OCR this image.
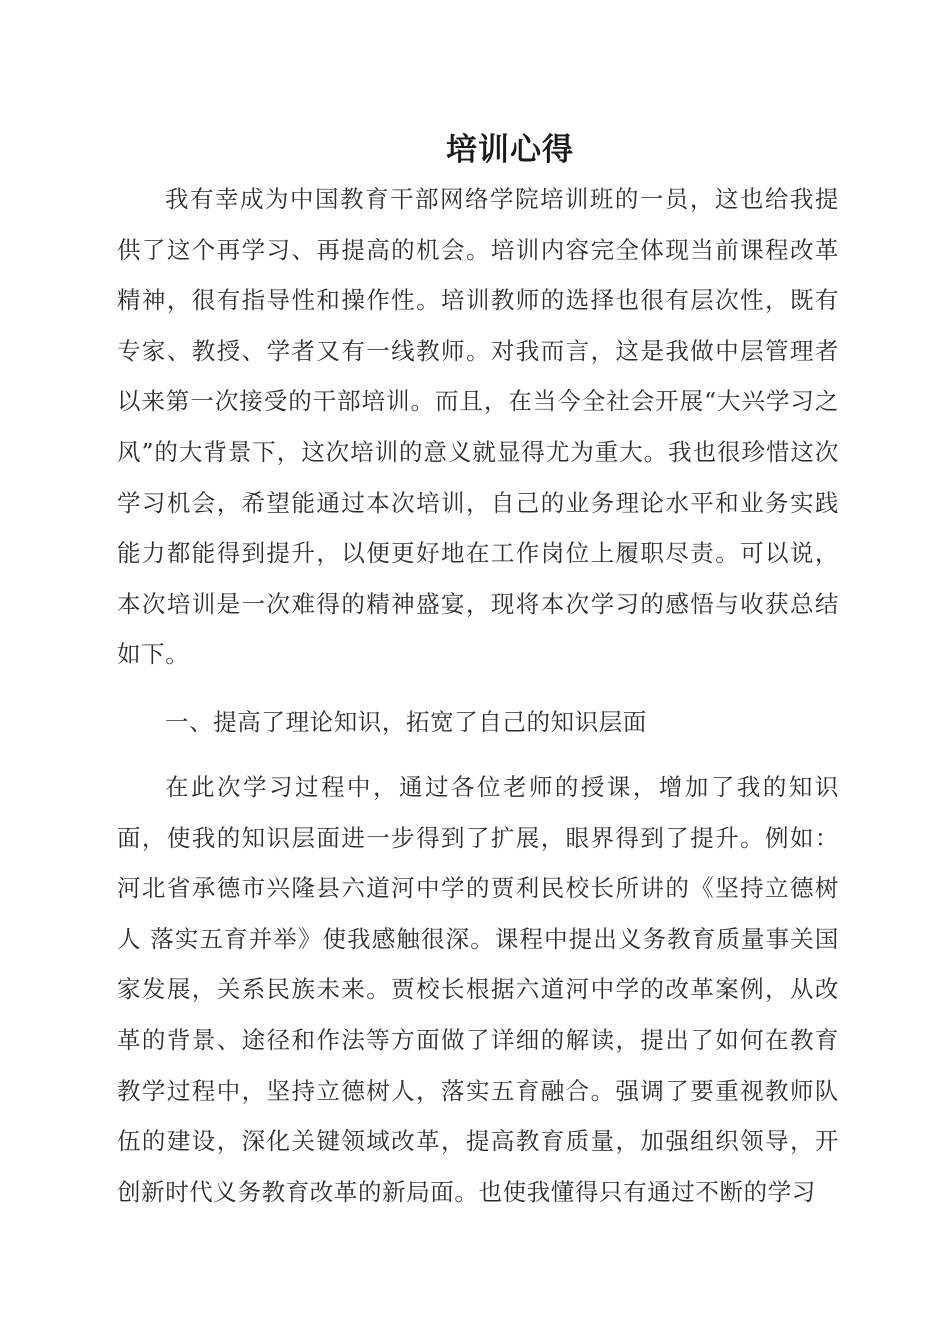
培训心得

我有幸成为中国教育干部网络学院培训班的一员，这也给我提供了这个再学习、再提高的机会。培训内容完全体现当前课程改革精神，很有指导性和操作性。培训教师的选择也很有层次性，既有专家、教授、学者又有一线教师。对我而言，这是我做中层管理者以来第一次接受的干部培训。而且，在当今全社会开展“大兴学习之风”的大背景下，这次培训的意义就显得尤为重大。我也很珍惜这次学习机会，希望能通过本次培训，自己的业务理论水平和业务实践能力都能得到提升，以便更好地在工作岗位上履职尽责。可以说，本次培训是一次难得的精神盛宴，现将本次学习的感悟与收获总结如下。

一、提高了理论知识，拓宽了自己的知识层面

在此次学习过程中，通过各位老师的授课，增加了我的知识面，使我的知识层面进一步得到了扩展，眼界得到了提升。例如：河北省承德市兴隆县六道河中学的贾利民校长所讲的《坚持立德树人 落实五育并举》使我感触很深。课程中提出义务教育质量事关国家发展，关系民族未来。贾校长根据六道河中学的改革案例，从改革的背景、途径和作法等方面做了详细的解读，提出了如何在教育教学过程中，坚持立德树人，落实五育融合。强调了要重视教师队伍的建设，深化关键领域改革，提高教育质量，加强组织领导，开创新时代义务教育改革的新局面。也使我懂得只有通过不断的学习
